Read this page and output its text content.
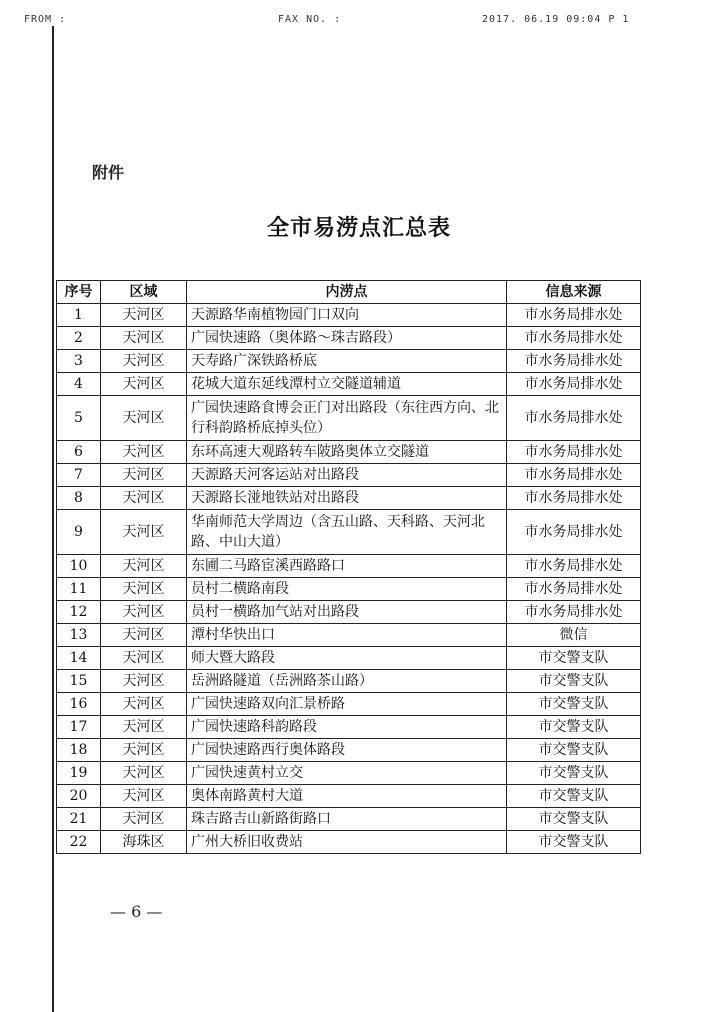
FROM :	FAX NO. :	2017. 06.19 09:04 P 1
附件
全市易涝点汇总表
序号	区域	内涝点	信息来源
1	天河区	天源路华南植物园门口双向	市水务局排水处
2	天河区	广园快速路（奥体路～珠吉路段）	市水务局排水处
3	天河区	天寿路广深铁路桥底	市水务局排水处
4	天河区	花城大道东延线潭村立交隧道辅道	市水务局排水处
5	天河区	广园快速路食博会正门对出路段（东往西方向、北行科韵路桥底掉头位）	市水务局排水处
6	天河区	东环高速大观路转车陂路奥体立交隧道	市水务局排水处
7	天河区	天源路天河客运站对出路段	市水务局排水处
8	天河区	天源路长湴地铁站对出路段	市水务局排水处
9	天河区	华南师范大学周边（含五山路、天科路、天河北路、中山大道）	市水务局排水处
10	天河区	东圃二马路宦溪西路路口	市水务局排水处
11	天河区	员村二横路南段	市水务局排水处
12	天河区	员村一横路加气站对出路段	市水务局排水处
13	天河区	潭村华快出口	微信
14	天河区	师大暨大路段	市交警支队
15	天河区	岳洲路隧道（岳洲路茶山路）	市交警支队
16	天河区	广园快速路双向汇景桥路	市交警支队
17	天河区	广园快速路科韵路段	市交警支队
18	天河区	广园快速路西行奥体路段	市交警支队
19	天河区	广园快速黄村立交	市交警支队
20	天河区	奥体南路黄村大道	市交警支队
21	天河区	珠吉路吉山新路街路口	市交警支队
22	海珠区	广州大桥旧收费站	市交警支队
— 6 —
